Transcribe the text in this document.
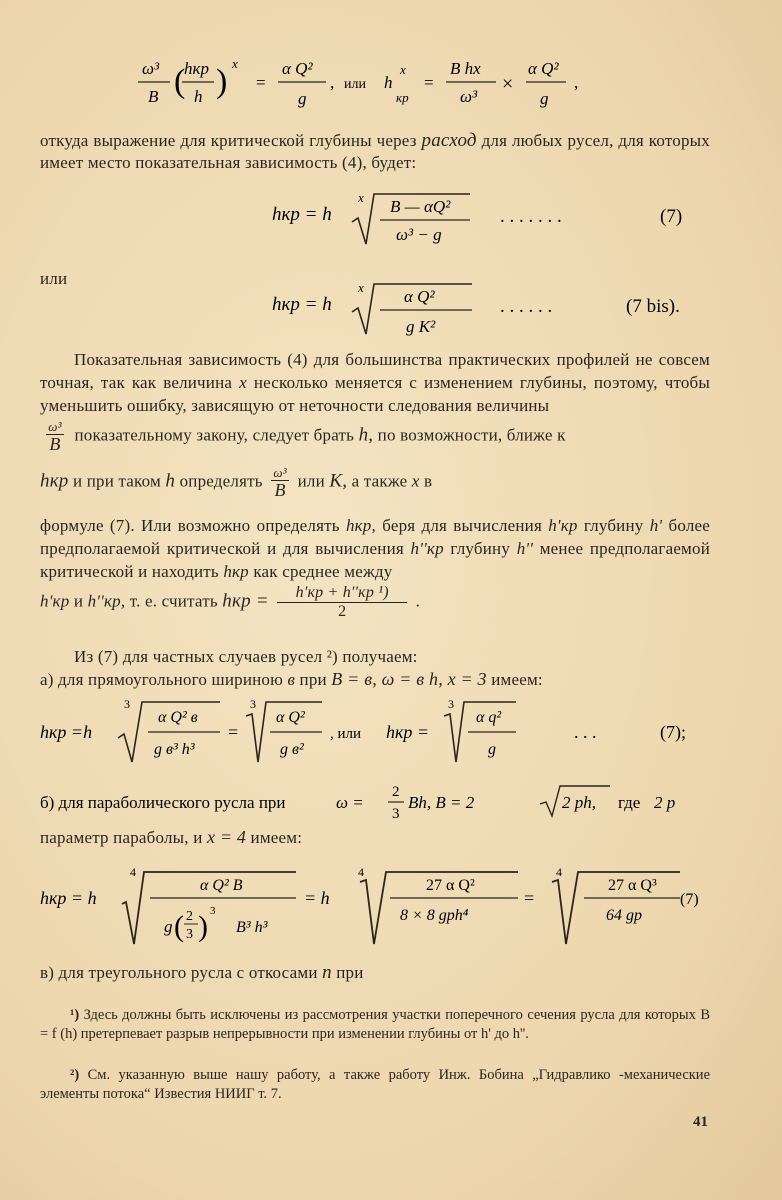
ω³
B (
hкр
h ) x
=
α Q²
g
, или h
x
кр
=
B hx
ω³
×
α Q²
g
,
откуда выражение для критической глубины через расход для любых русел, для которых имеет место показательная зависимость (4), будет:
hкр = h
x B — αQ²
ω³ − g
. . . . . . .	(7)
или
hкр = h
x α Q²
g K²
. . . . . .	(7 bis).
Показательная зависимость (4) для большинства практических профилей не совсем точная, так как величина x несколько меняется с изменением глубины, поэтому, чтобы уменьшить ошибку, зависящую от неточности следования величины
ω³
B показательному закону, следует брать h, по возможности, ближе к
hкр и при таком h определять ω³
B или K, а также x в
формуле (7). Или возможно определять hкр, беря для вычисления h'кр глубину h' более предполагаемой критической и для вычисления h''кр глубину h'' менее предполагаемой критической и находить hкр как среднее между
h'кр и h''кр, т. е. считать hкр =	h'кр + h''кр ¹)
2
.
Из (7) для частных случаев русел ²) получаем:
а) для прямоугольного шириною в при B = в, ω = в h, x = 3 имеем:
hкр =h
3
α Q² в
g в³ h³
=
3
α Q²
g в²
, или hкр =
3
α q²
g
. . .	(7);
б) для параболического русла при	ω =
2
3
Bh, B = 2	2 ph, где 2 p
параметр параболы, и x = 4 имеем:
hкр = h
4
α Q² B
g ( 2
3 ) 3
B³ h³
= h
4
27 α Q²
8 × 8 gph⁴
=
4
27 α Q³
64 gp
(7)
в) для треугольного русла с откосами n при
¹) Здесь должны быть исключены из рассмотрения участки поперечного сечения русла для которых B = f (h) претерпевает разрыв непрерывности при изменении глубины от h' до h''.
²) См. указанную выше нашу работу, а также работу Инж. Бобина „Гидравлико -механические элементы потока“ Известия НИИГ т. 7.
41
